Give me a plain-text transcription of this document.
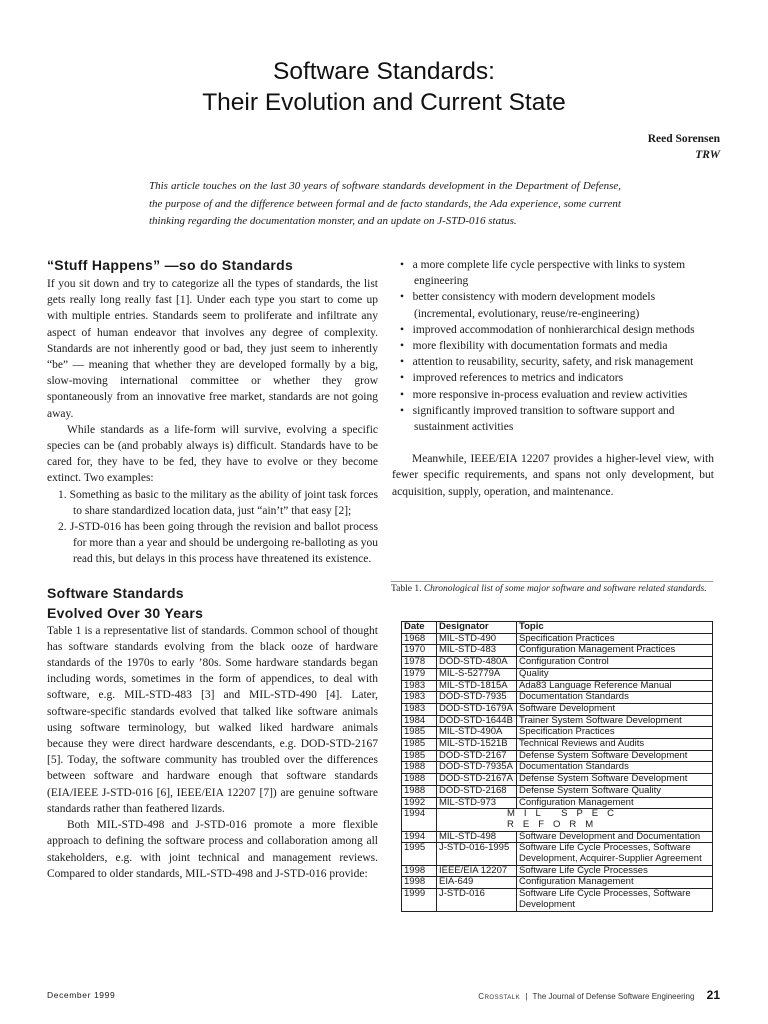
Software Standards:
Their Evolution and Current State
Reed Sorensen
TRW
This article touches on the last 30 years of software standards development in the Department of Defense, the purpose of and the difference between formal and de facto standards, the Ada experience, some current thinking regarding the documentation monster, and an update on J-STD-016 status.
“Stuff Happens” —so do Standards

If you sit down and try to categorize all the types of standards, the list gets really long really fast [1]. Under each type you start to come up with multiple entries. Standards seem to proliferate and infiltrate any aspect of human endeavor that involves any degree of complexity. Standards are not inherently good or bad, they just seem to inherently “be” — meaning that whether they are developed formally by a big, slow-moving international committee or whether they grow spontaneously from an innovative free market, standards are not going away.

While standards as a life-form will survive, evolving a specific species can be (and probably always is) difficult. Standards have to be cared for, they have to be fed, they have to evolve or they become extinct. Two examples:

1. Something as basic to the military as the ability of joint task forces to share standardized location data, just “ain’t” that easy [2];
2. J-STD-016 has been going through the revision and ballot process for more than a year and should be undergoing re-balloting as you read this, but delays in this process have threatened its existence.
Software Standards
Evolved Over 30 Years

Table 1 is a representative list of standards. Common school of thought has software standards evolving from the black ooze of hardware standards of the 1970s to early ’80s. Some hardware standards began including words, sometimes in the form of appendices, to deal with software, e.g. MIL-STD-483 [3] and MIL-STD-490 [4]. Later, software-specific standards evolved that talked like software animals using software terminology, but walked liked hardware animals because they were direct hardware descendants, e.g. DOD-STD-2167 [5]. Today, the software community has troubled over the differences between software and hardware enough that software standards (EIA/IEEE J-STD-016 [6], IEEE/EIA 12207 [7]) are genuine software standards rather than feathered lizards.

Both MIL-STD-498 and J-STD-016 promote a more flexible approach to defining the software process and collaboration among all stakeholders, e.g. with joint technical and management reviews. Compared to older standards, MIL-STD-498 and J-STD-016 provide:

•   a more complete life cycle perspective with links to system engineering
•   better consistency with modern development models (incremental, evolutionary, reuse/re-engineering)
•   improved accommodation of nonhierarchical design methods
•   more flexibility with documentation formats and media
•   attention to reusability, security, safety, and risk management
•   improved references to metrics and indicators
•   more responsive in-process evaluation and review activities
•   significantly improved transition to software support and sustainment activities

Meanwhile, IEEE/EIA 12207 provides a higher-level view, with fewer specific requirements, and spans not only development, but acquisition, supply, operation, and maintenance.

Table 1. Chronological list of some major software and software related standards.
Date	Designator	Topic
1968	MIL-STD-490	Specification Practices
1970	MIL-STD-483	Configuration Management Practices
1978	DOD-STD-480A	Configuration Control
1979	MIL-S-52779A	Quality
1983	MIL-STD-1815A	Ada83 Language Reference Manual
1983	DOD-STD-7935	Documentation Standards
1983	DOD-STD-1679A	Software Development
1984	DOD-STD-1644B	Trainer System Software Development
1985	MIL-STD-490A	Specification Practices
1985	MIL-STD-1521B	Technical Reviews and Audits
1985	DOD-STD-2167	Defense System Software Development
1988	DOD-STD-7935A	Documentation Standards
1988	DOD-STD-2167A	Defense System Software Development
1988	DOD-STD-2168	Defense System Software Quality
1992	MIL-STD-973	Configuration Management
1994	MIL SPEC REFORM	
1994	MIL-STD-498	Software Development and Documentation
1995	J-STD-016-1995	Software Life Cycle Processes, Software Development, Acquirer-Supplier Agreement
1998	IEEE/EIA 12207	Software Life Cycle Processes
1998	EIA-649	Configuration Management
1999	J-STD-016	Software Life Cycle Processes, Software Development
December 1999	Crosstalk | The Journal of Defense Software Engineering 21
